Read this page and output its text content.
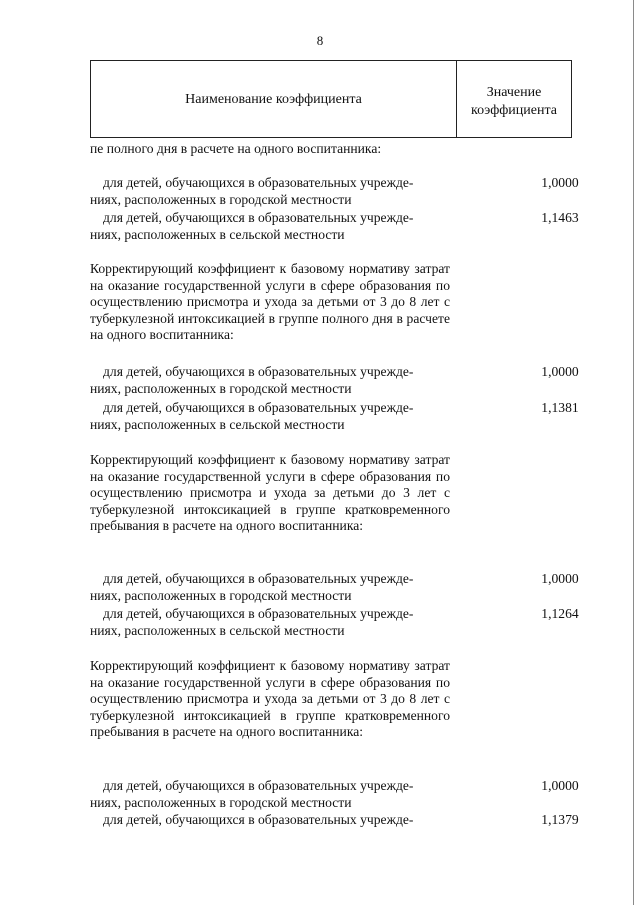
8
Наименование коэффициента	Значение
коэффициента
пе полного дня в расчете на одного воспитанника:
для детей, обучающихся в образовательных учрежде-
ниях, расположенных в городской местности
1,0000
для детей, обучающихся в образовательных учрежде-
ниях, расположенных в сельской местности
1,1463
Корректирующий коэффициент к базовому нормативу затрат на оказание государственной услуги в сфере образования по осуществлению присмотра и ухода за детьми от 3 до 8 лет с туберкулезной интоксикацией в группе полного дня в расчете на одного воспитанника:
для детей, обучающихся в образовательных учрежде-
ниях, расположенных в городской местности
1,0000
для детей, обучающихся в образовательных учрежде-
ниях, расположенных в сельской местности
1,1381
Корректирующий коэффициент к базовому нормативу затрат на оказание государственной услуги в сфере образования по осуществлению присмотра и ухода за детьми до 3 лет с туберкулезной интоксикацией в группе кратковременного пребывания в расчете на одного воспитанника:
для детей, обучающихся в образовательных учрежде-
ниях, расположенных в городской местности
1,0000
для детей, обучающихся в образовательных учрежде-
ниях, расположенных в сельской местности
1,1264
Корректирующий коэффициент к базовому нормативу затрат на оказание государственной услуги в сфере образования по осуществлению присмотра и ухода за детьми от 3 до 8 лет с туберкулезной интоксикацией в группе кратковременного пребывания в расчете на одного воспитанника:
для детей, обучающихся в образовательных учрежде-
ниях, расположенных в городской местности
1,0000
для детей, обучающихся в образовательных учрежде-	1,1379
